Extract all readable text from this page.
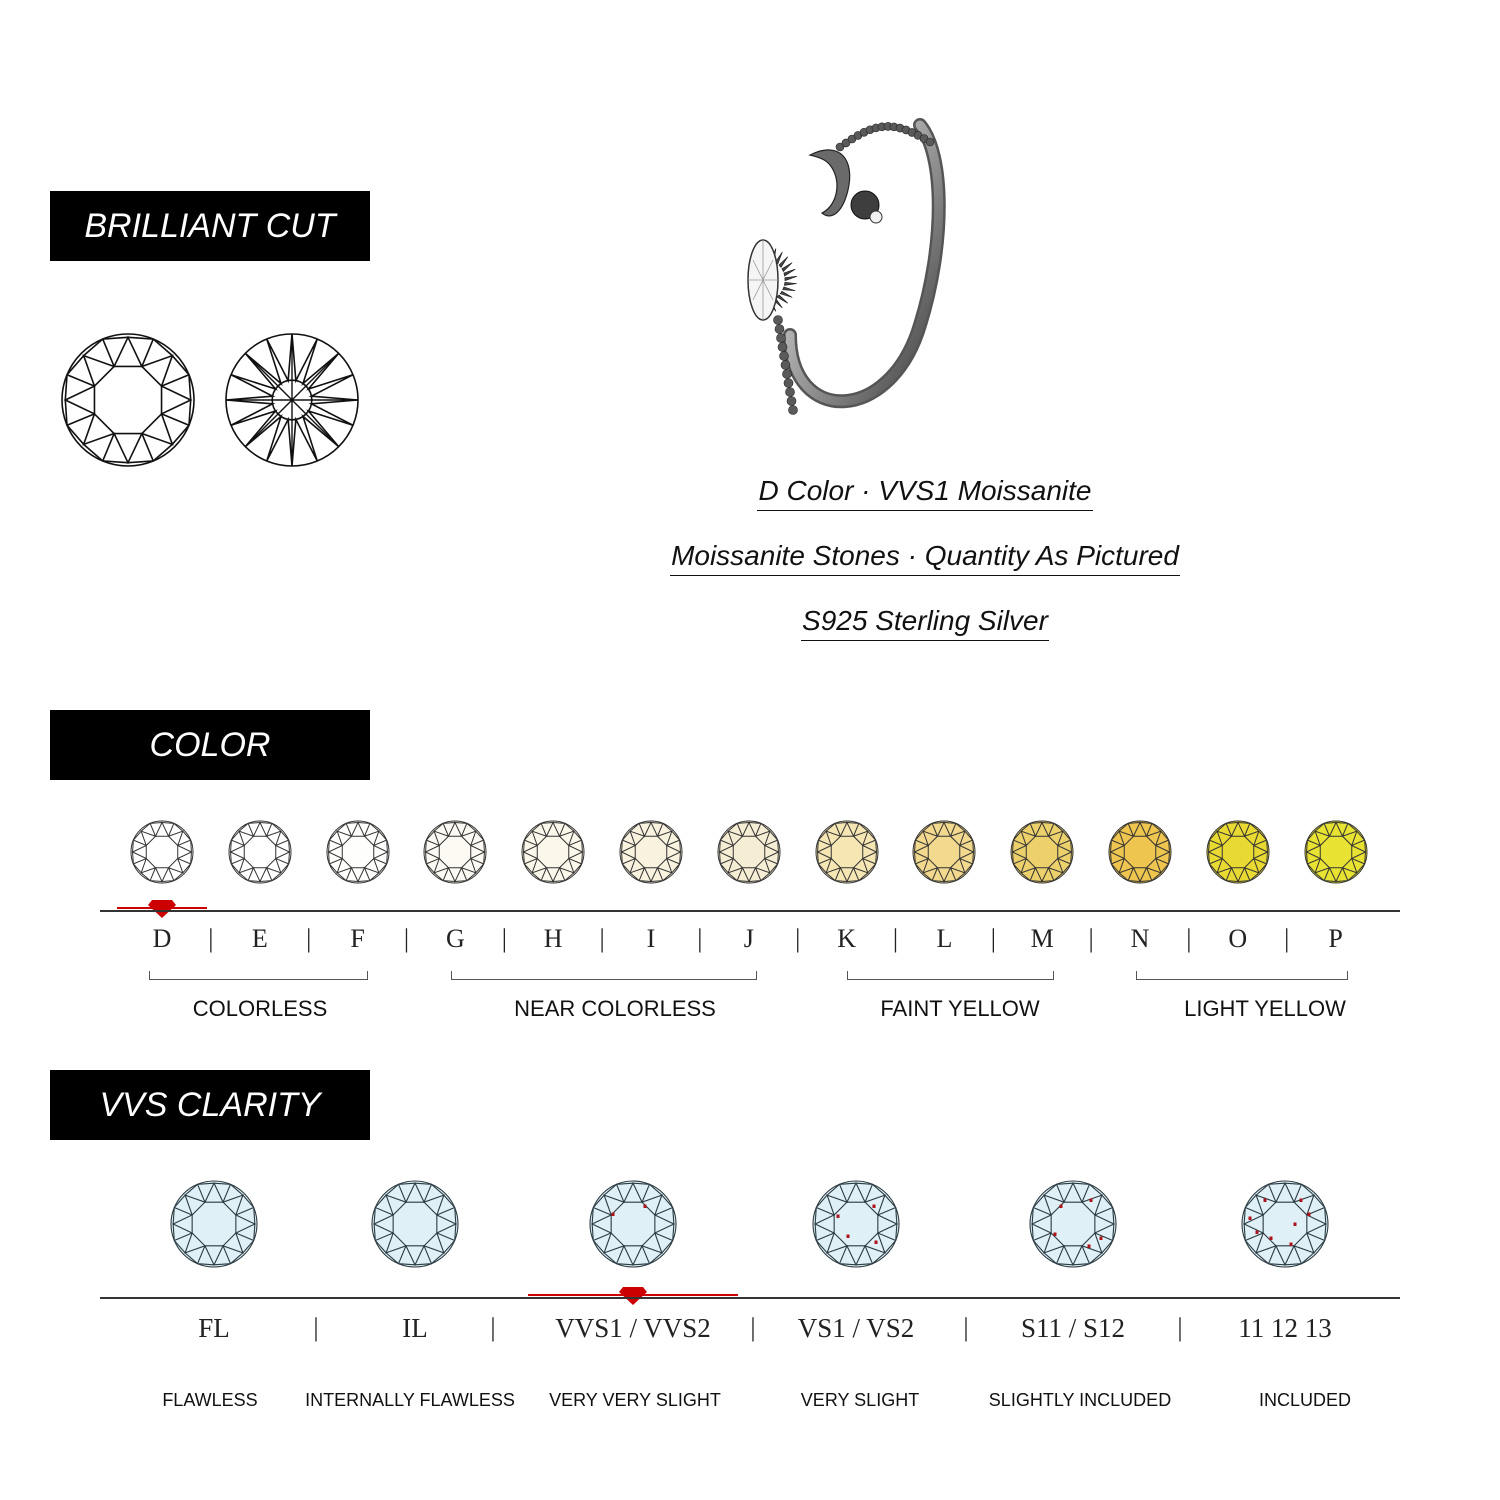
BRILLIANT CUT
D Color · VVS1 Moissanite
Moissanite Stones · Quantity As Pictured
S925 Sterling Silver
COLOR
D | E | F | G | H | I | J | K | L | M | N | O | P
COLORLESS	NEAR COLORLESS	FAINT YELLOW	LIGHT YELLOW
VVS CLARITY
FL
FLAWLESS
IL
INTERNALLY FLAWLESS
VVS1 / VVS2
VERY VERY SLIGHT
VS1 / VS2
VERY SLIGHT
S11 / S12
SLIGHTLY INCLUDED
11 12 13
INCLUDED
|	|	|	|	|
